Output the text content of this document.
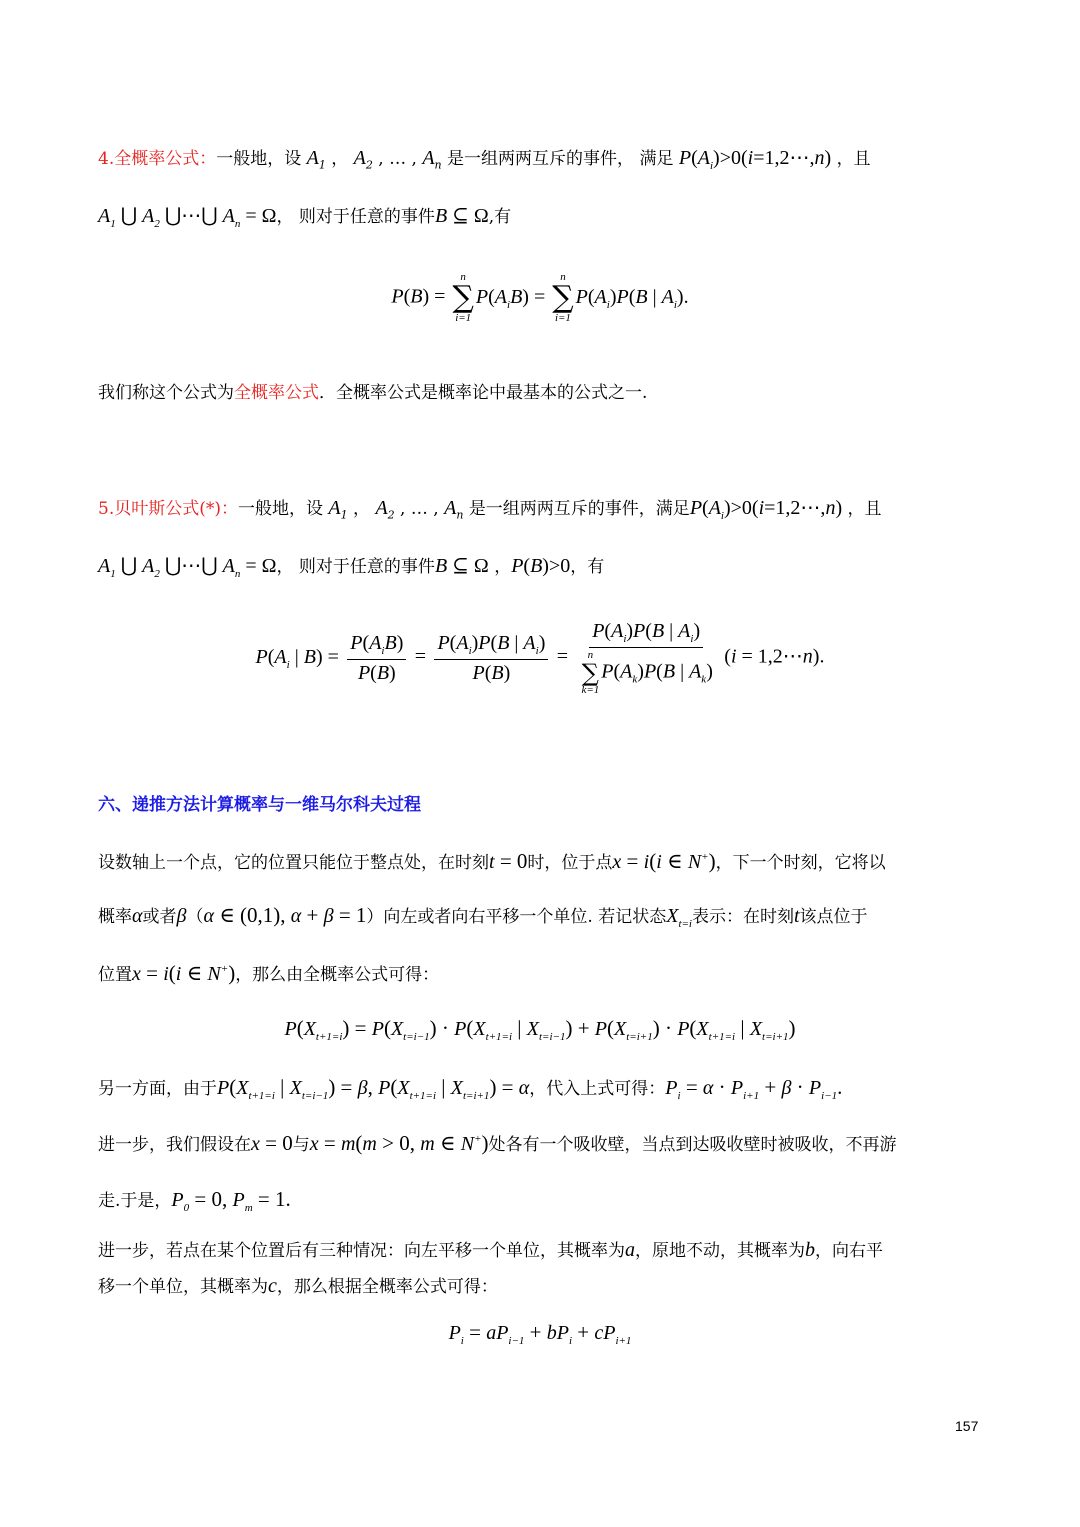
4.全概率公式：一般地，设 $A_1$ ， $A_2$ , … , $A_n$ 是一组两两互斥的事件， 满足 $P(A_i)>0(i=1,2\cdots,n)$ ，且
$A_1$ ⋃ $A_2$ ⋃⋯⋃ $A_n = \Omega$， 则对于任意的事件B ⊆ Ω,有
P(B) =
n
∑
i=1
$P(A_iB)$ =
n
∑
i=1
$P(A_i)P(B$ | $A_i$).
我们称这个公式为全概率公式．全概率公式是概率论中最基本的公式之一.
5.贝叶斯公式(*)：一般地，设 $A_1$ ， $A_2$ , … , $A_n$ 是一组两两互斥的事件，满足$P(A_i)>0(i=1,2\cdots,n)$ ，且
$A_1$ ⋃ $A_2$ ⋃⋯⋃ $A_n = \Omega$， 则对于任意的事件B ⊆ Ω ，P(B)>0，有
$P(A_i$ | $B) = \frac{P(A_iB)}{P(B)} = \frac{P(A_i)P(B | A_i)}{P(B)} = P(A_i)P(B$ | $A_i$)
n
∑
k=1
$P(A_k)P(B$ | $A_k$) (i = 1,2⋯n).
六、递推方法计算概率与一维马尔科夫过程
设数轴上一个点，它的位置只能位于整点处，在时刻t = 0时，位于点x = i(i ∈ N+)，下一个时刻，它将以
概率α或者β（α ∈ (0,1), α + β = 1）向左或者向右平移一个单位. 若记状态$X_{t=i}$表示：在时刻t该点位于
位置x = i(i ∈ N+)，那么由全概率公式可得：
$P(X_{t+1=i}) = P(X_{t=i-1}) \cdot P(X_{t+1=i}$ | $X_{t=i-1}) + P(X_{t=i+1}) \cdot P(X_{t+1=i}$ | $X_{t=i+1}$)
另一方面，由于$P(X_{t+1=i}$ | $X_{t=i-1}) = \beta$, $P(X_{t+1=i}$ | $X_{t=i+1}) = \alpha$，代入上式可得：$P_i = \alpha \cdot P_{i+1} + \beta \cdot P_{i-1}$.
进一步，我们假设在x = 0与x = m(m > 0, m ∈ N+)处各有一个吸收壁，当点到达吸收壁时被吸收，不再游
走.于是，$P_0 = 0$, $P_m = 1$.
进一步，若点在某个位置后有三种情况：向左平移一个单位，其概率为a，原地不动，其概率为b，向右平
移一个单位，其概率为c，那么根据全概率公式可得：
$P_i = aP_{i-1} + bP_i + cP_{i+1}$
157
